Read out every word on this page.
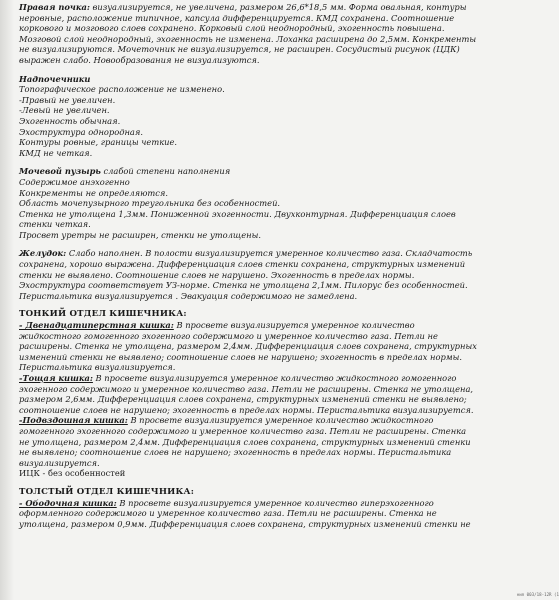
Правая почка: визуализируется, не увеличена, размером 26,6*18,5 мм. Форма овальная, контуры

неровные, расположение типичное, капсула дифференцируется. КМД сохранена. Соотношение

коркового и мозгового слоев сохранено. Корковый слой неоднородный, эхогенность повышена.

Мозговой слой неоднородный, эхогенность не изменена. Лоханка расширена до 2,5мм. Конкременты

не визуализируются. Мочеточник не визуализируется, не расширен. Сосудистый рисунок (ЦДК)

выражен слабо. Новообразования не визуализуются.

Надпочечники

Топографическое расположение не изменено.

-Правый не увеличен.

-Левый не увеличен.

Эхогенность обычная.

Эхоструктура однородная.

Контуры ровные, границы четкие.

КМД не четкая.

Мочевой пузырь слабой степени наполнения

Содержимое анэхогенно

Конкременты не определяются.

Область мочепузырного треугольника без особенностей.

Стенка не утолщена 1,3мм. Пониженной эхогенности. Двухконтурная. Дифференциация слоев

стенки четкая.

Просвет уретры не расширен, стенки не утолщены.

Желудок: Слабо наполнен. В полости визуализируется умеренное количество газа. Складчатость

сохранена, хорошо выражена. Дифференциация слоев стенки сохранена, структурных изменений

стенки не выявлено. Соотношение слоев не нарушено. Эхогенность в пределах нормы.

Эхоструктура соответствует УЗ-норме. Стенка не утолщена 2,1мм. Пилорус без особенностей.

Перистальтика визуализируется . Эвакуация содержимого не замедлена.

ТОНКИЙ ОТДЕЛ КИШЕЧНИКА:

- Двенадцатиперстная кишка: В просвете визуализируется умеренное количество

жидкостного гомогенного эхогенного содержимого и умеренное количество газа. Петли не

расширены. Стенка не утолщена, размером 2,4мм. Дифференциация слоев сохранена, структурных

изменений стенки не выявлено; соотношение слоев не нарушено; эхогенность в пределах нормы.

Перистальтика визуализируется.

-Тощая кишка: В просвете визуализируется умеренное количество жидкостного гомогенного

эхогенного содержимого и умеренное количество газа. Петли не расширены. Стенка не утолщена,

размером 2,6мм. Дифференциация слоев сохранена, структурных изменений стенки не выявлено;

соотношение слоев не нарушено; эхогенность в пределах нормы. Перистальтика визуализируется.

-Подвздошная кишка: В просвете визуализируется умеренное количество жидкостного

гомогенного эхогенного содержимого и умеренное количество газа. Петли не расширены. Стенка

не утолщена, размером 2,4мм. Дифференциация слоев сохранена, структурных изменений стенки

не выявлено; соотношение слоев не нарушено; эхогенность в пределах нормы. Перистальтика

визуализируется.

ИЦК - без особенностей

ТОЛСТЫЙ ОТДЕЛ КИШЕЧНИКА:

- Ободочная кишка: В просвете визуализируется умеренное количество гиперэхогенного

оформленного содержимого и умеренное количество газа. Петли не расширены. Стенка не

утолщена, размером 0,9мм. Дифференциация слоев сохранена, структурных изменений стенки не

ния 003/18-12R (1
